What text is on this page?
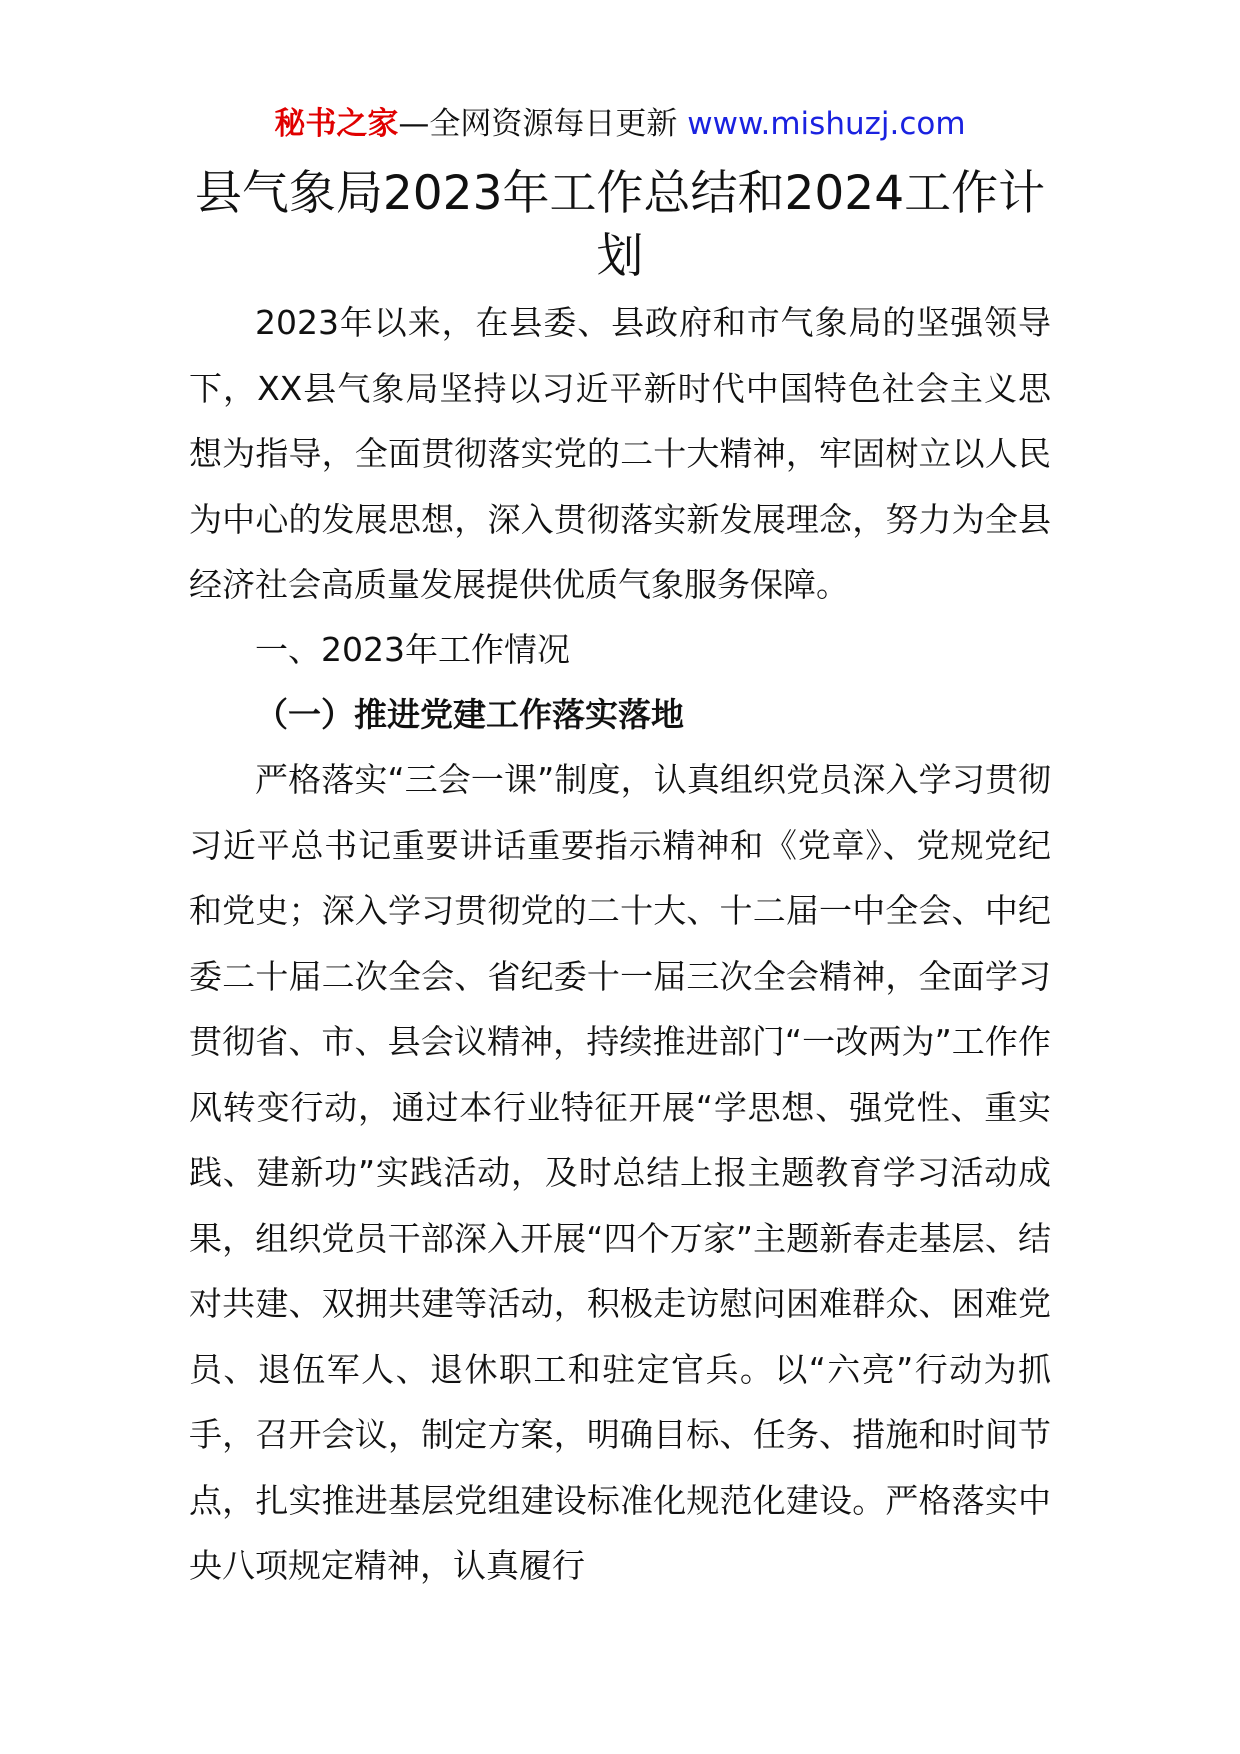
秘书之家—全网资源每日更新 www.mishuzj.com
县气象局2023年工作总结和2024工作计划

2023年以来，在县委、县政府和市气象局的坚强领导下，XX县气象局坚持以习近平新时代中国特色社会主义思想为指导，全面贯彻落实党的二十大精神，牢固树立以人民为中心的发展思想，深入贯彻落实新发展理念，努力为全县经济社会高质量发展提供优质气象服务保障。

一、2023年工作情况

（一）推进党建工作落实落地

严格落实“三会一课”制度，认真组织党员深入学习贯彻习近平总书记重要讲话重要指示精神和《党章》、党规党纪和党史；深入学习贯彻党的二十大、十二届一中全会、中纪委二十届二次全会、省纪委十一届三次全会精神，全面学习贯彻省、市、县会议精神，持续推进部门“一改两为”工作作风转变行动，通过本行业特征开展“学思想、强党性、重实践、建新功”实践活动，及时总结上报主题教育学习活动成果，组织党员干部深入开展“四个万家”主题新春走基层、结对共建、双拥共建等活动，积极走访慰问困难群众、困难党员、退伍军人、退休职工和驻定官兵。以“六亮”行动为抓手，召开会议，制定方案，明确目标、任务、措施和时间节点，扎实推进基层党组建设标准化规范化建设。严格落实中央八项规定精神，认真履行
